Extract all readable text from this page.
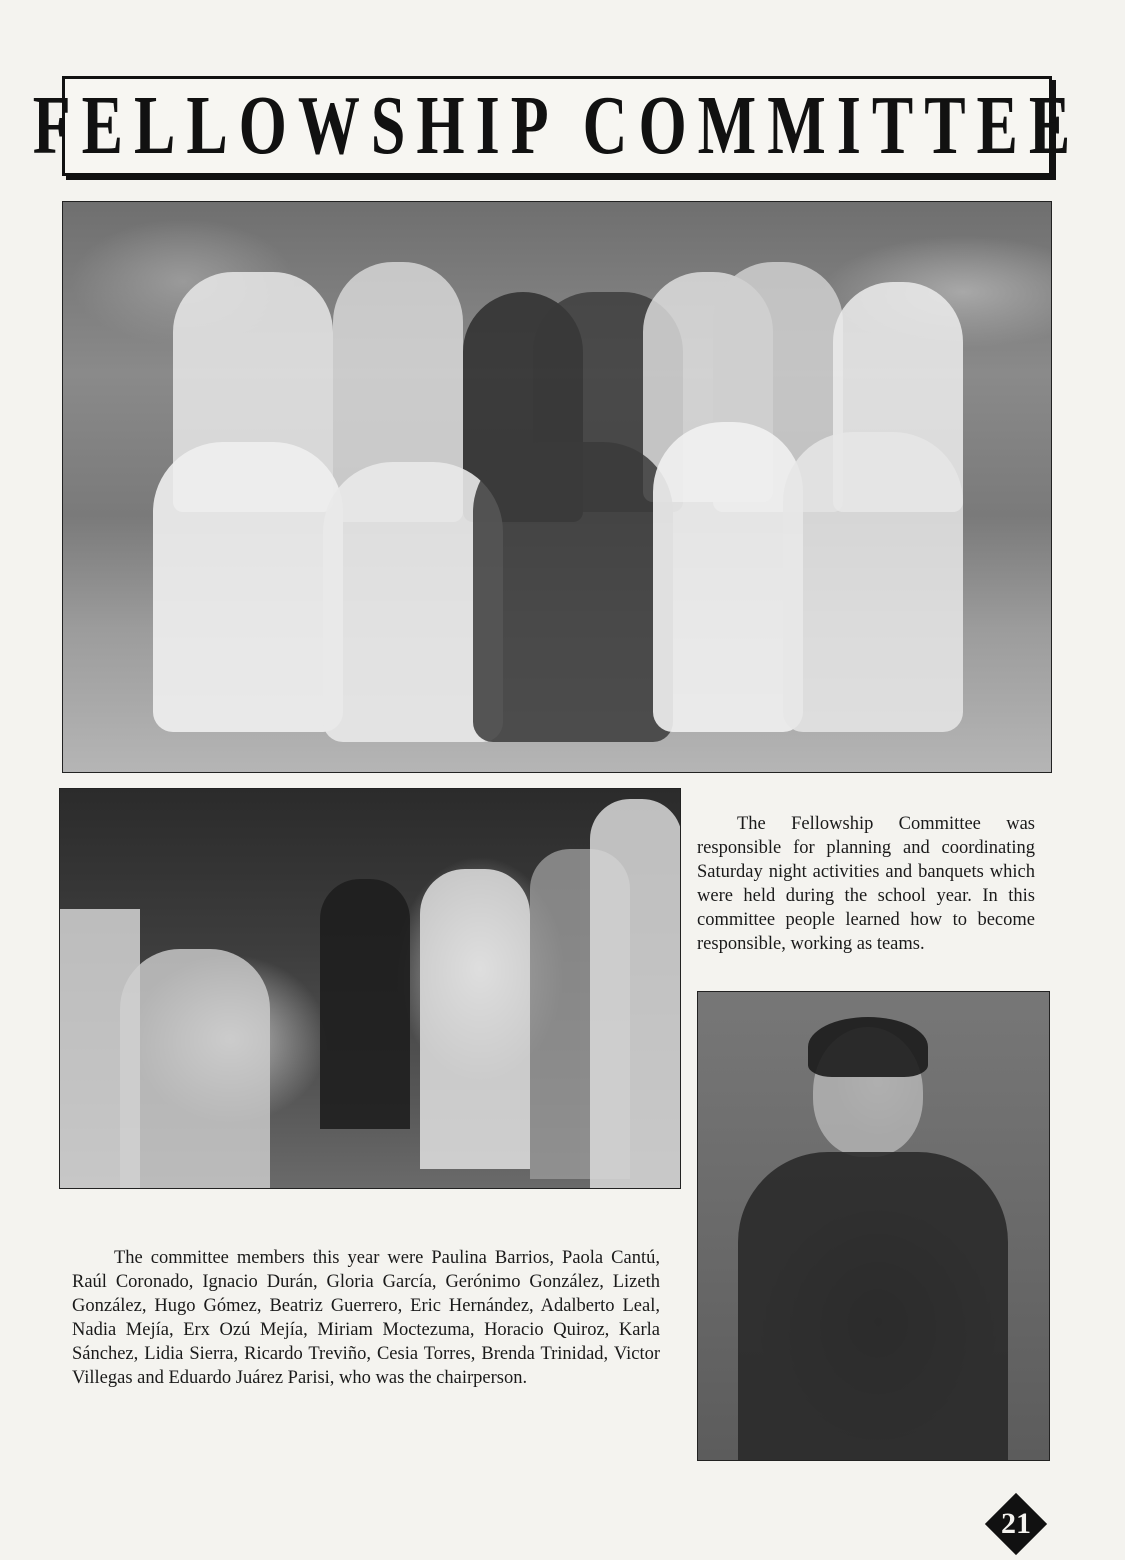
FELLOWSHIP COMMITTEE

The Fellowship Committee was responsible for planning and coordinating Saturday night activities and banquets which were held during the school year. In this committee people learned how to become responsible, working as teams.

The committee members this year were Paulina Barrios, Paola Cantú, Raúl Coronado, Ignacio Durán, Gloria García, Gerónimo González, Lizeth González, Hugo Gómez, Beatriz Guerrero, Eric Hernández, Adalberto Leal, Nadia Mejía, Erx Ozú Mejía, Miriam Moctezuma, Horacio Quiroz, Karla Sánchez, Lidia Sierra, Ricardo Treviño, Cesia Torres, Brenda Trinidad, Victor Villegas and Eduardo Juárez Parisi, who was the chairperson.

21
